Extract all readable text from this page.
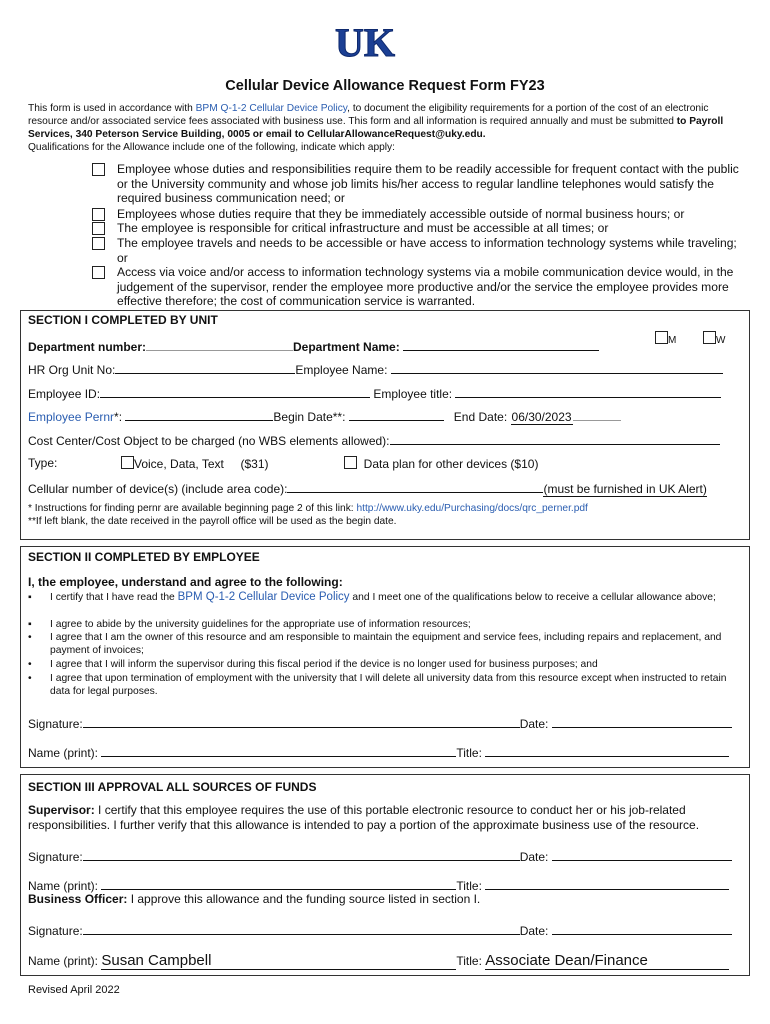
UK
Cellular Device Allowance Request Form FY23
This form is used in accordance with BPM Q-1-2 Cellular Device Policy, to document the eligibility requirements for a portion of the cost of an electronic resource and/or associated service fees associated with business use. This form and all information is required annually and must be submitted to Payroll Services, 340 Peterson Service Building, 0005 or email to CellularAllowanceRequest@uky.edu.
Qualifications for the Allowance include one of the following, indicate which apply:
Employee whose duties and responsibilities require them to be readily accessible for frequent contact with the public or the University community and whose job limits his/her access to regular landline telephones would satisfy the required business communication need; or
Employees whose duties require that they be immediately accessible outside of normal business hours; or
The employee is responsible for critical infrastructure and must be accessible at all times; or
The employee travels and needs to be accessible or have access to information technology systems while traveling; or
Access via voice and/or access to information technology systems via a mobile communication device would, in the judgement of the supervisor, render the employee more productive and/or the service the employee provides more effective therefore; the cost of communication service is warranted.
SECTION I COMPLETED BY UNIT
Department number:	Department Name:	M	W
HR Org Unit No:	Employee Name:
Employee ID:	Employee title:
Employee Pernr*:	Begin Date**:	End Date: 06/30/2023
Cost Center/Cost Object to be charged (no WBS elements allowed):
Type:	Voice, Data, Text ($31)	Data plan for other devices ($10)
Cellular number of device(s) (include area code):	(must be furnished in UK Alert)
* Instructions for finding pernr are available beginning page 2 of this link: http://www.uky.edu/Purchasing/docs/qrc_perner.pdf
**If left blank, the date received in the payroll office will be used as the begin date.
SECTION II COMPLETED BY EMPLOYEE
I, the employee, understand and agree to the following:
▪	I certify that I have read the BPM Q-1-2 Cellular Device Policy and I meet one of the qualifications below to receive a cellular allowance above;
▪	I agree to abide by the university guidelines for the appropriate use of information resources;
•	I agree that I am the owner of this resource and am responsible to maintain the equipment and service fees, including repairs and replacement, and payment of invoices;
•	I agree that I will inform the supervisor during this fiscal period if the device is no longer used for business purposes; and
•	I agree that upon termination of employment with the university that I will delete all university data from this resource except when instructed to retain data for legal purposes.
Signature:	Date:
Name (print):	Title:
SECTION III APPROVAL ALL SOURCES OF FUNDS
Supervisor: I certify that this employee requires the use of this portable electronic resource to conduct her or his job-related responsibilities. I further verify that this allowance is intended to pay a portion of the approximate business use of the resource.
Signature:	Date:
Name (print):	Title:
Business Officer: I approve this allowance and the funding source listed in section I.
Signature:	Date:
Name (print): Susan Campbell	Title: Associate Dean/Finance
Revised April 2022
